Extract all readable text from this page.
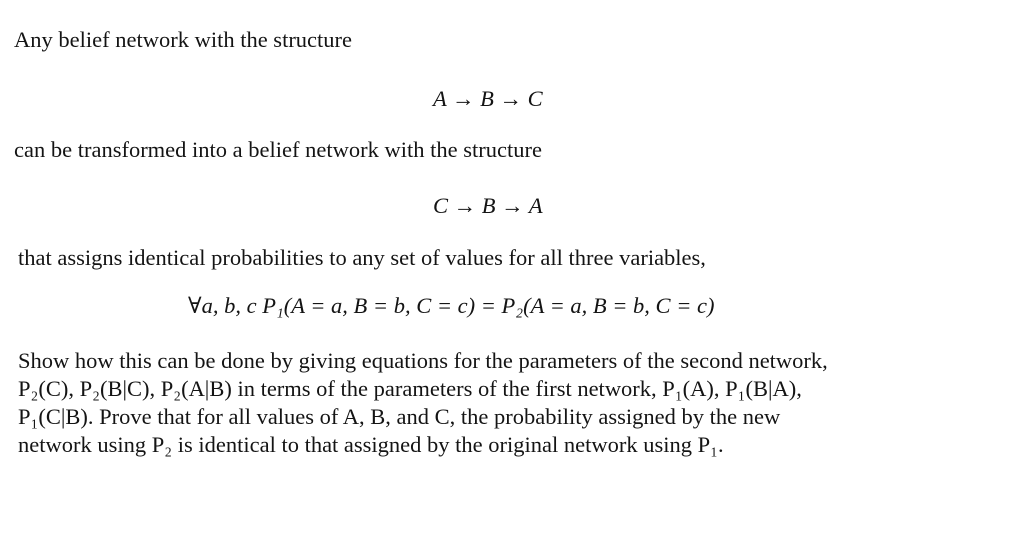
Any belief network with the structure
A → B → C
can be transformed into a belief network with the structure
C → B → A
that assigns identical probabilities to any set of values for all three variables,
∀a, b, c P₁(A = a, B = b, C = c) = P₂(A = a, B = b, C = c)
Show how this can be done by giving equations for the parameters of the second network,
P₂(C), P₂(B|C), P₂(A|B) in terms of the parameters of the first network, P₁(A), P₁(B|A),
P₁(C|B). Prove that for all values of A, B, and C, the probability assigned by the new
network using P₂ is identical to that assigned by the original network using P₁.
